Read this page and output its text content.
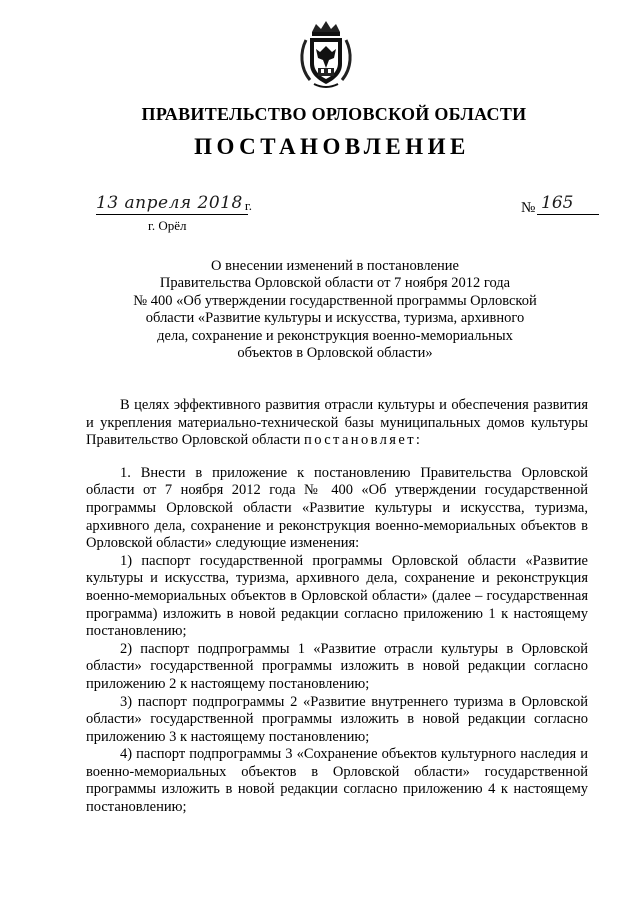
ПРАВИТЕЛЬСТВО ОРЛОВСКОЙ ОБЛАСТИ
ПОСТАНОВЛЕНИЕ
13 апреля 2018 г.
г. Орёл
№ 165
О внесении изменений в постановление
Правительства Орловской области от 7 ноября 2012 года
№ 400 «Об утверждении государственной программы Орловской
области «Развитие культуры и искусства, туризма, архивного
дела, сохранение и реконструкция военно-мемориальных
объектов в Орловской области»

В целях эффективного развития отрасли культуры и обеспечения развития и укрепления материально-технической базы муниципальных домов культуры Правительство Орловской области постановляет:

1. Внести в приложение к постановлению Правительства Орловской области от 7 ноября 2012 года № 400 «Об утверждении государственной программы Орловской области «Развитие культуры и искусства, туризма, архивного дела, сохранение и реконструкция военно-мемориальных объектов в Орловской области» следующие изменения:

1) паспорт государственной программы Орловской области «Развитие культуры и искусства, туризма, архивного дела, сохранение и реконструкция военно-мемориальных объектов в Орловской области» (далее – государственная программа) изложить в новой редакции согласно приложению 1 к настоящему постановлению;

2) паспорт подпрограммы 1 «Развитие отрасли культуры в Орловской области» государственной программы изложить в новой редакции согласно приложению 2 к настоящему постановлению;

3) паспорт подпрограммы 2 «Развитие внутреннего туризма в Орловской области» государственной программы изложить в новой редакции согласно приложению 3 к настоящему постановлению;

4) паспорт подпрограммы 3 «Сохранение объектов культурного наследия и военно-мемориальных объектов в Орловской области» государственной программы изложить в новой редакции согласно приложению 4 к настоящему постановлению;
